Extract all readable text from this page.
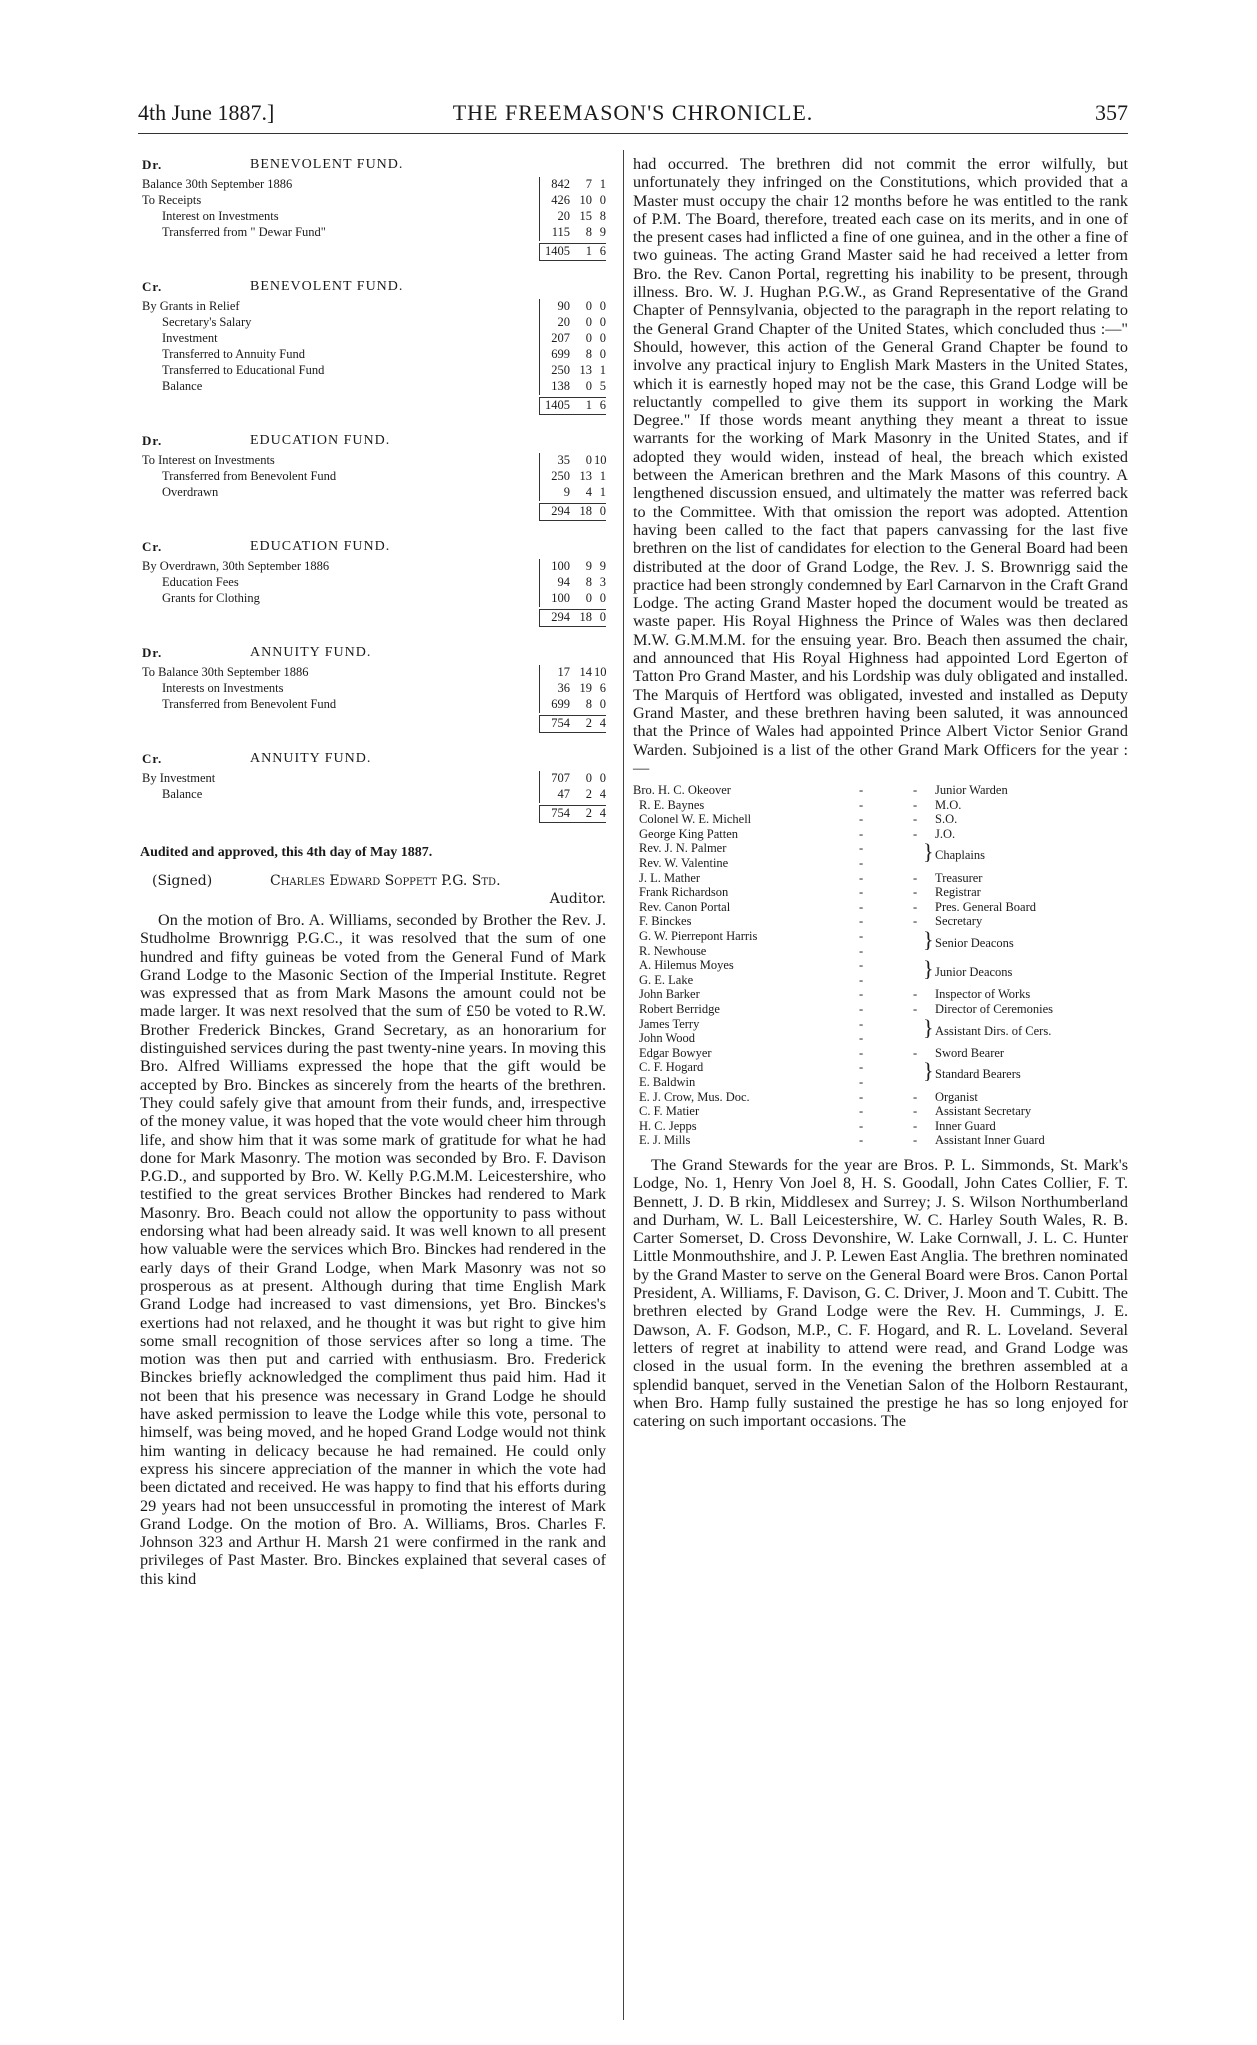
4th June 1887.]	THE FREEMASON'S CHRONICLE.	357
Dr.	BENEVOLENT FUND.
Balance 30th September 1886	842	7 1
To Receipts	426 10 0
Interest on Investments	20 15 8
Transferred from " Dewar Fund"	115	8 9
1405	1 6
Cr.	BENEVOLENT FUND.
By Grants in Relief	90	0 0
Secretary's Salary	20	0 0
Investment	207	0 0
Transferred to Annuity Fund	699	8 0
Transferred to Educational Fund	250 13 1
Balance	138	0 5
1405	1 6
Dr.	EDUCATION FUND.
To Interest on Investments	35	0 10
Transferred from Benevolent Fund	250 13 1
Overdrawn	9	4 1
294 18 0
Cr.	EDUCATION FUND.
By Overdrawn, 30th September 1886	100	9 9
Education Fees	94	8 3
Grants for Clothing	100	0 0
294 18 0
Dr.	ANNUITY FUND.
To Balance 30th September 1886	17 14 10
Interests on Investments	36 19 6
Transferred from Benevolent Fund	699	8 0
754	2 4
Cr.	ANNUITY FUND.
By Investment	707	0 0
Balance	47	2 4
754	2 4
Audited and approved, this 4th day of May 1887.
(Signed)	Charles Edward Soppett P.G. Std.
Auditor.

On the motion of Bro. A. Williams, seconded by Brother the Rev. J. Studholme Brownrigg P.G.C., it was resolved that the sum of one hundred and fifty guineas be voted from the General Fund of Mark Grand Lodge to the Masonic Section of the Imperial Institute. Regret was expressed that as from Mark Masons the amount could not be made larger. It was next resolved that the sum of £50 be voted to R.W. Brother Frederick Binckes, Grand Secretary, as an honorarium for distinguished services during the past twenty-nine years. In moving this Bro. Alfred Williams expressed the hope that the gift would be accepted by Bro. Binckes as sincerely from the hearts of the brethren. They could safely give that amount from their funds, and, irrespective of the money value, it was hoped that the vote would cheer him through life, and show him that it was some mark of gratitude for what he had done for Mark Masonry. The motion was seconded by Bro. F. Davison P.G.D., and supported by Bro. W. Kelly P.G.M.M. Leicestershire, who testified to the great services Brother Binckes had rendered to Mark Masonry. Bro. Beach could not allow the opportunity to pass without endorsing what had been already said. It was well known to all present how valuable were the services which Bro. Binckes had rendered in the early days of their Grand Lodge, when Mark Masonry was not so prosperous as at present. Although during that time English Mark Grand Lodge had increased to vast dimensions, yet Bro. Binckes's exertions had not relaxed, and he thought it was but right to give him some small recognition of those services after so long a time. The motion was then put and carried with enthusiasm. Bro. Frederick Binckes briefly acknowledged the compliment thus paid him. Had it not been that his presence was necessary in Grand Lodge he should have asked permission to leave the Lodge while this vote, personal to himself, was being moved, and he hoped Grand Lodge would not think him wanting in delicacy because he had remained. He could only express his sincere appreciation of the manner in which the vote had been dictated and received. He was happy to find that his efforts during 29 years had not been unsuccessful in promoting the interest of Mark Grand Lodge. On the motion of Bro. A. Williams, Bros. Charles F. Johnson 323 and Arthur H. Marsh 21 were confirmed in the rank and privileges of Past Master. Bro. Binckes explained that several cases of this kind

had occurred. The brethren did not commit the error wilfully, but unfortunately they infringed on the Constitutions, which provided that a Master must occupy the chair 12 months before he was entitled to the rank of P.M. The Board, therefore, treated each case on its merits, and in one of the present cases had inflicted a fine of one guinea, and in the other a fine of two guineas. The acting Grand Master said he had received a letter from Bro. the Rev. Canon Portal, regretting his inability to be present, through illness. Bro. W. J. Hughan P.G.W., as Grand Representative of the Grand Chapter of Pennsylvania, objected to the paragraph in the report relating to the General Grand Chapter of the United States, which concluded thus :—" Should, however, this action of the General Grand Chapter be found to involve any practical injury to English Mark Masters in the United States, which it is earnestly hoped may not be the case, this Grand Lodge will be reluctantly compelled to give them its support in working the Mark Degree." If those words meant anything they meant a threat to issue warrants for the working of Mark Masonry in the United States, and if adopted they would widen, instead of heal, the breach which existed between the American brethren and the Mark Masons of this country. A lengthened discussion ensued, and ultimately the matter was referred back to the Committee. With that omission the report was adopted. Attention having been called to the fact that papers canvassing for the last five brethren on the list of candidates for election to the General Board had been distributed at the door of Grand Lodge, the Rev. J. S. Brownrigg said the practice had been strongly condemned by Earl Carnarvon in the Craft Grand Lodge. The acting Grand Master hoped the document would be treated as waste paper. His Royal Highness the Prince of Wales was then declared M.W. G.M.M.M. for the ensuing year. Bro. Beach then assumed the chair, and announced that His Royal Highness had appointed Lord Egerton of Tatton Pro Grand Master, and his Lordship was duly obligated and installed. The Marquis of Hertford was obligated, invested and installed as Deputy Grand Master, and these brethren having been saluted, it was announced that the Prince of Wales had appointed Prince Albert Victor Senior Grand Warden. Subjoined is a list of the other Grand Mark Officers for the year :—

Bro. H. C. Okeover	-	- Junior Warden
R. E. Baynes	-	- M.O.
Colonel W. E. Michell	-	- S.O.
George King Patten	-	- J.O.
Rev. J. N. Palmer	-	} Chaplains
Rev. W. Valentine	-
J. L. Mather	-	- Treasurer
Frank Richardson	-	- Registrar
Rev. Canon Portal	-	- Pres. General Board
F. Binckes	-	- Secretary
G. W. Pierrepont Harris	-	} Senior Deacons
R. Newhouse	-
A. Hilemus Moyes	-	} Junior Deacons
G. E. Lake	-
John Barker	-	- Inspector of Works
Robert Berridge	-	- Director of Ceremonies
James Terry	-	} Assistant Dirs. of Cers.
John Wood	-
Edgar Bowyer	-	- Sword Bearer
C. F. Hogard	-	} Standard Bearers
E. Baldwin	-
E. J. Crow, Mus. Doc.	-	- Organist
C. F. Matier	-	- Assistant Secretary
H. C. Jepps	-	- Inner Guard
E. J. Mills	-	- Assistant Inner Guard

The Grand Stewards for the year are Bros. P. L. Simmonds, St. Mark's Lodge, No. 1, Henry Von Joel 8, H. S. Goodall, John Cates Collier, F. T. Bennett, J. D. B rkin, Middlesex and Surrey; J. S. Wilson Northumberland and Durham, W. L. Ball Leicestershire, W. C. Harley South Wales, R. B. Carter Somerset, D. Cross Devonshire, W. Lake Cornwall, J. L. C. Hunter Little Monmouthshire, and J. P. Lewen East Anglia. The brethren nominated by the Grand Master to serve on the General Board were Bros. Canon Portal President, A. Williams, F. Davison, G. C. Driver, J. Moon and T. Cubitt. The brethren elected by Grand Lodge were the Rev. H. Cummings, J. E. Dawson, A. F. Godson, M.P., C. F. Hogard, and R. L. Loveland. Several letters of regret at inability to attend were read, and Grand Lodge was closed in the usual form. In the evening the brethren assembled at a splendid banquet, served in the Venetian Salon of the Holborn Restaurant, when Bro. Hamp fully sustained the prestige he has so long enjoyed for catering on such important occasions. The
